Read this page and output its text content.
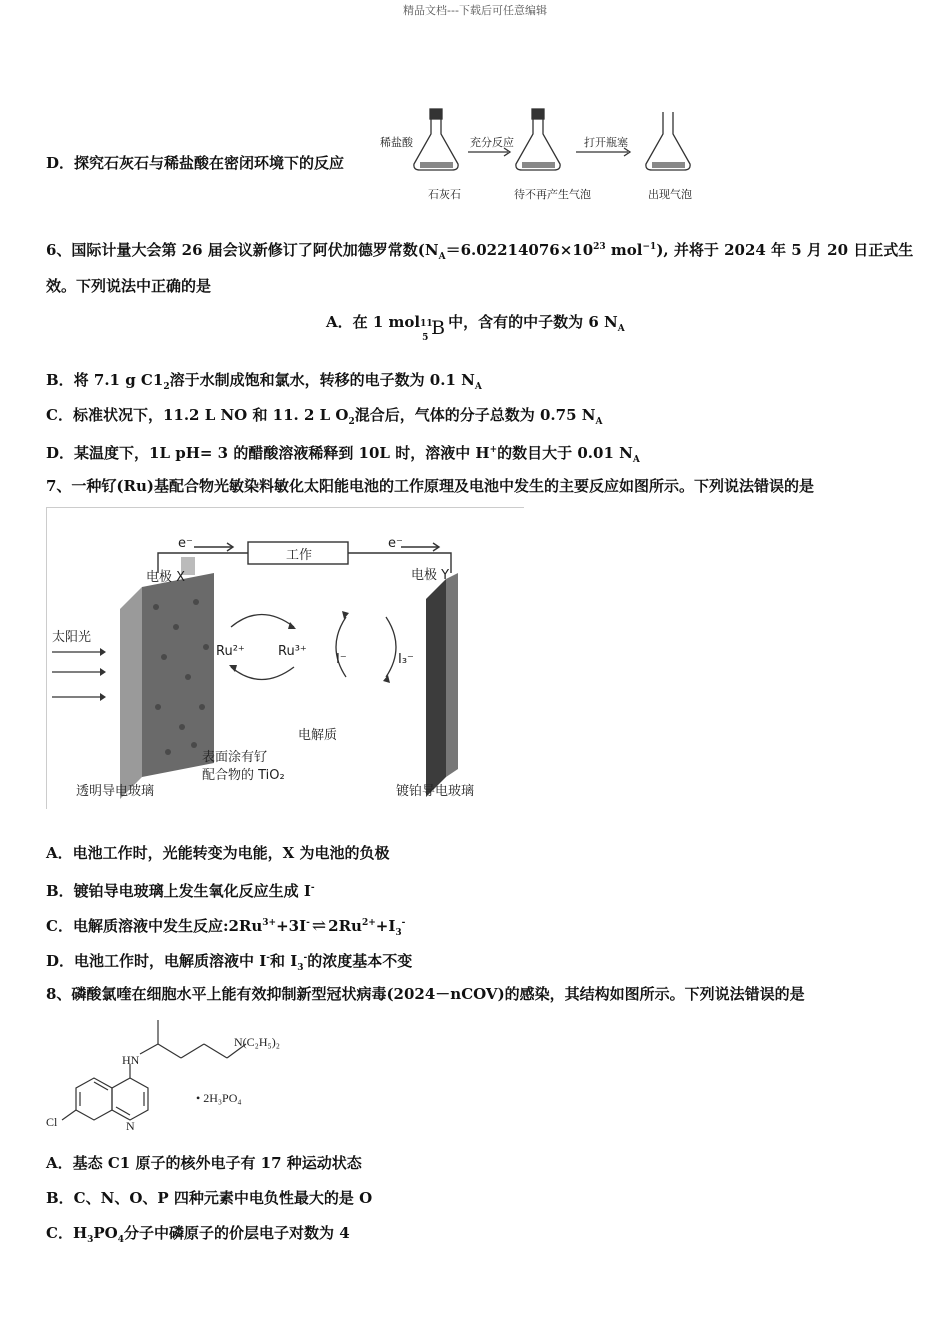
精品文档---下载后可任意编辑
D．探究石灰石与稀盐酸在密闭环境下的反应
稀盐酸	充分反应	打开瓶塞
石灰石	待不再产生气泡	出现气泡
6、国际计量大会第 26 届会议新修订了阿伏加德罗常数($N_A=6.02214076\times 10^{23}$ mol$^{-1}$), 并将于 2024 年 5 月 20 日正式生
效。下列说法中正确的是
A．在 1 mol 11
5 B 中，含有的中子数为 6 $N_A$
B．将 7.1 g $C1_2$溶于水制成饱和氯水，转移的电子数为 0.1 $N_A$
C．标准状况下，11.2 L NO 和 11. 2 L $O_2$混合后，气体的分子总数为 0.75 $N_A$
D．某温度下，1L pH= 3 的醋酸溶液稀释到 10L 时，溶液中 H+的数目大于 0.01 $N_A$
7、一种钌(Ru)基配合物光敏染料敏化太阳能电池的工作原理及电池中发生的主要反应如图所示。下列说法错误的是
e⁻	e⁻
工作
电极 X	电极 Y
太阳光
Ru²⁺	Ru³⁺
I⁻	I₃⁻
电解质
表面涂有钌
配合物的 TiO₂
透明导电玻璃	镀铂导电玻璃
A．电池工作时，光能转变为电能，X 为电池的负极
B．镀铂导电玻璃上发生氧化反应生成 I-
C．电解质溶液中发生反应$:2Ru^{3+}+3I^-$ ⇌ $2Ru^{2+}+I_3^-$
D．电池工作时，电解质溶液中 I-和 $I_3^-$的浓度基本不变
8、磷酸氯喹在细胞水平上能有效抑制新型冠状病毒(2024－nCOV)的感染，其结构如图所示。下列说法错误的是
HN
N(C₂H₅)₂
Cl	N
• 2H₃PO₄
A．基态 C1 原子的核外电子有 17 种运动状态
B．C、N、O、P 四种元素中电负性最大的是 O
C．$H_3PO_4$分子中磷原子的价层电子对数为 4
